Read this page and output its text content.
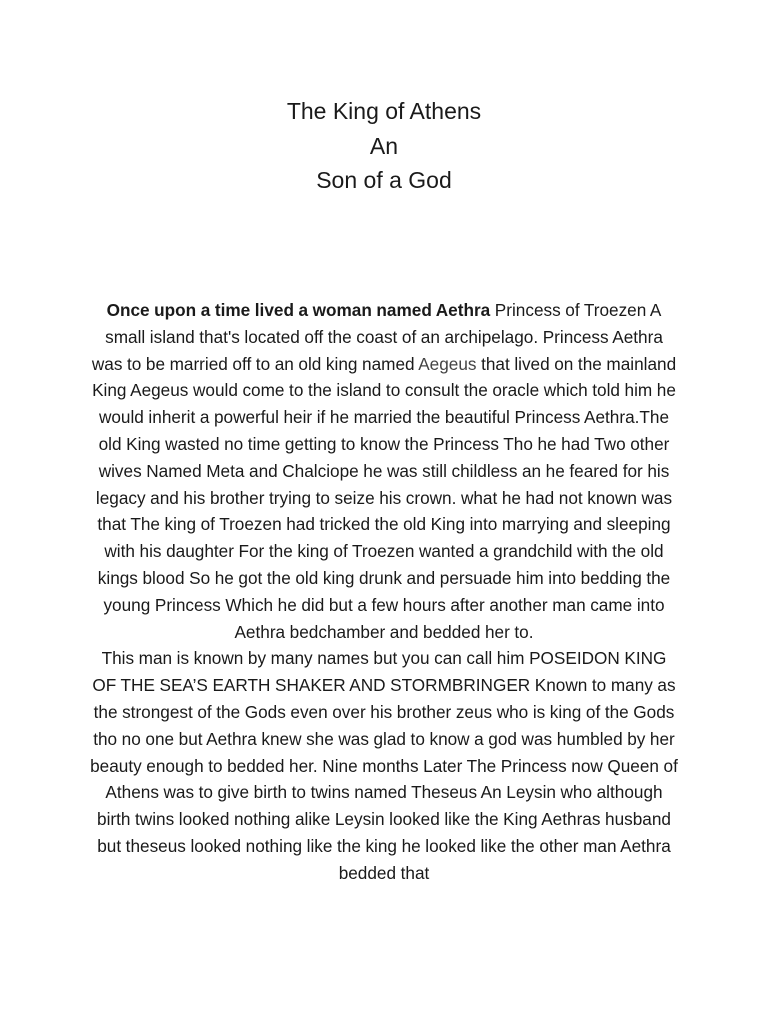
The King of Athens
An
Son of a God

Once upon a time lived a woman named Aethra Princess of Troezen A small island that's located off the coast of an archipelago. Princess Aethra was to be married off to an old king named Aegeus that lived on the mainland King Aegeus would come to the island to consult the oracle which told him he would inherit a powerful heir if he married the beautiful Princess Aethra.The old King wasted no time getting to know the Princess Tho he had Two other wives Named Meta and Chalciope he was still childless an he feared for his legacy and his brother trying to seize his crown. what he had not known was that The king of Troezen had tricked the old King into marrying and sleeping with his daughter For the king of Troezen wanted a grandchild with the old kings blood So he got the old king drunk and persuade him into bedding the young Princess Which he did but a few hours after another man came into Aethra bedchamber and bedded her to.

This man is known by many names but you can call him POSEIDON KING OF THE SEA’S EARTH SHAKER AND STORMBRINGER Known to many as the strongest of the Gods even over his brother zeus who is king of the Gods tho no one but Aethra knew she was glad to know a god was humbled by her beauty enough to bedded her. Nine months Later The Princess now Queen of Athens was to give birth to twins named Theseus An Leysin who although birth twins looked nothing alike Leysin looked like the King Aethras husband but theseus looked nothing like the king he looked like the other man Aethra bedded that
